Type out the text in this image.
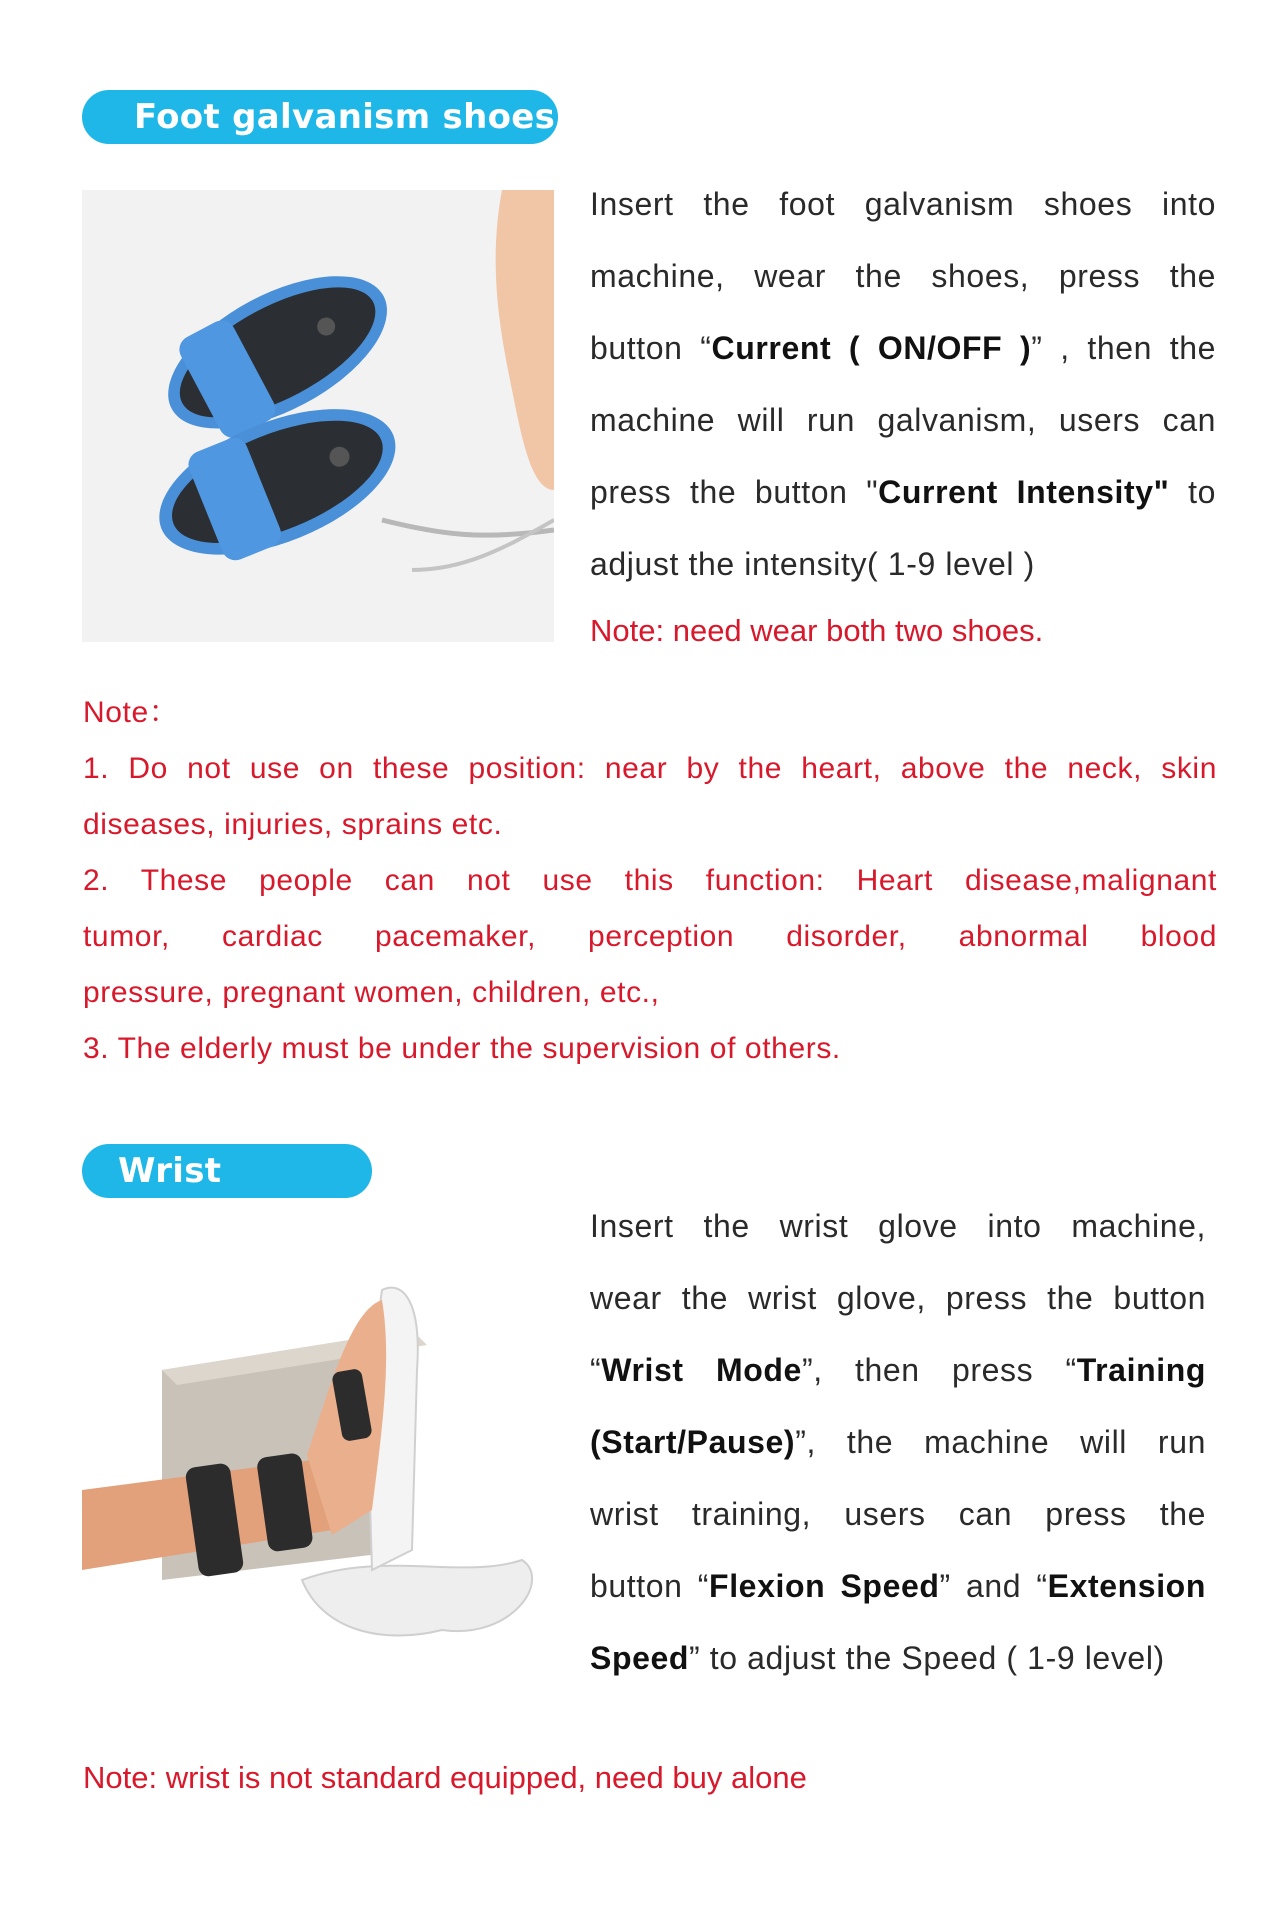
Foot galvanism shoes

Insert the foot galvanism shoes into

machine, wear the shoes, press the

button “Current ( ON/OFF )” , then the

machine will run galvanism, users can

press the button "Current Intensity" to

adjust the intensity( 1-9 level )

Note: need wear both two shoes.
Note：
1. Do not use on these position: near by the heart, above the neck, skin
diseases, injuries, sprains etc.
2. These people can not use this function: Heart disease,malignant
tumor, cardiac pacemaker, perception disorder, abnormal blood
pressure, pregnant women, children, etc.,
3. The elderly must be under the supervision of others.
Wrist training	Insert the wrist glove into machine,

wear the wrist glove, press the button

“Wrist Mode”, then press “Training

(Start/Pause)”, the machine will run

wrist training, users can press the

button “Flexion Speed” and “Extension

Speed” to adjust the Speed ( 1-9 level)

Note: wrist is not standard equipped, need buy alone
